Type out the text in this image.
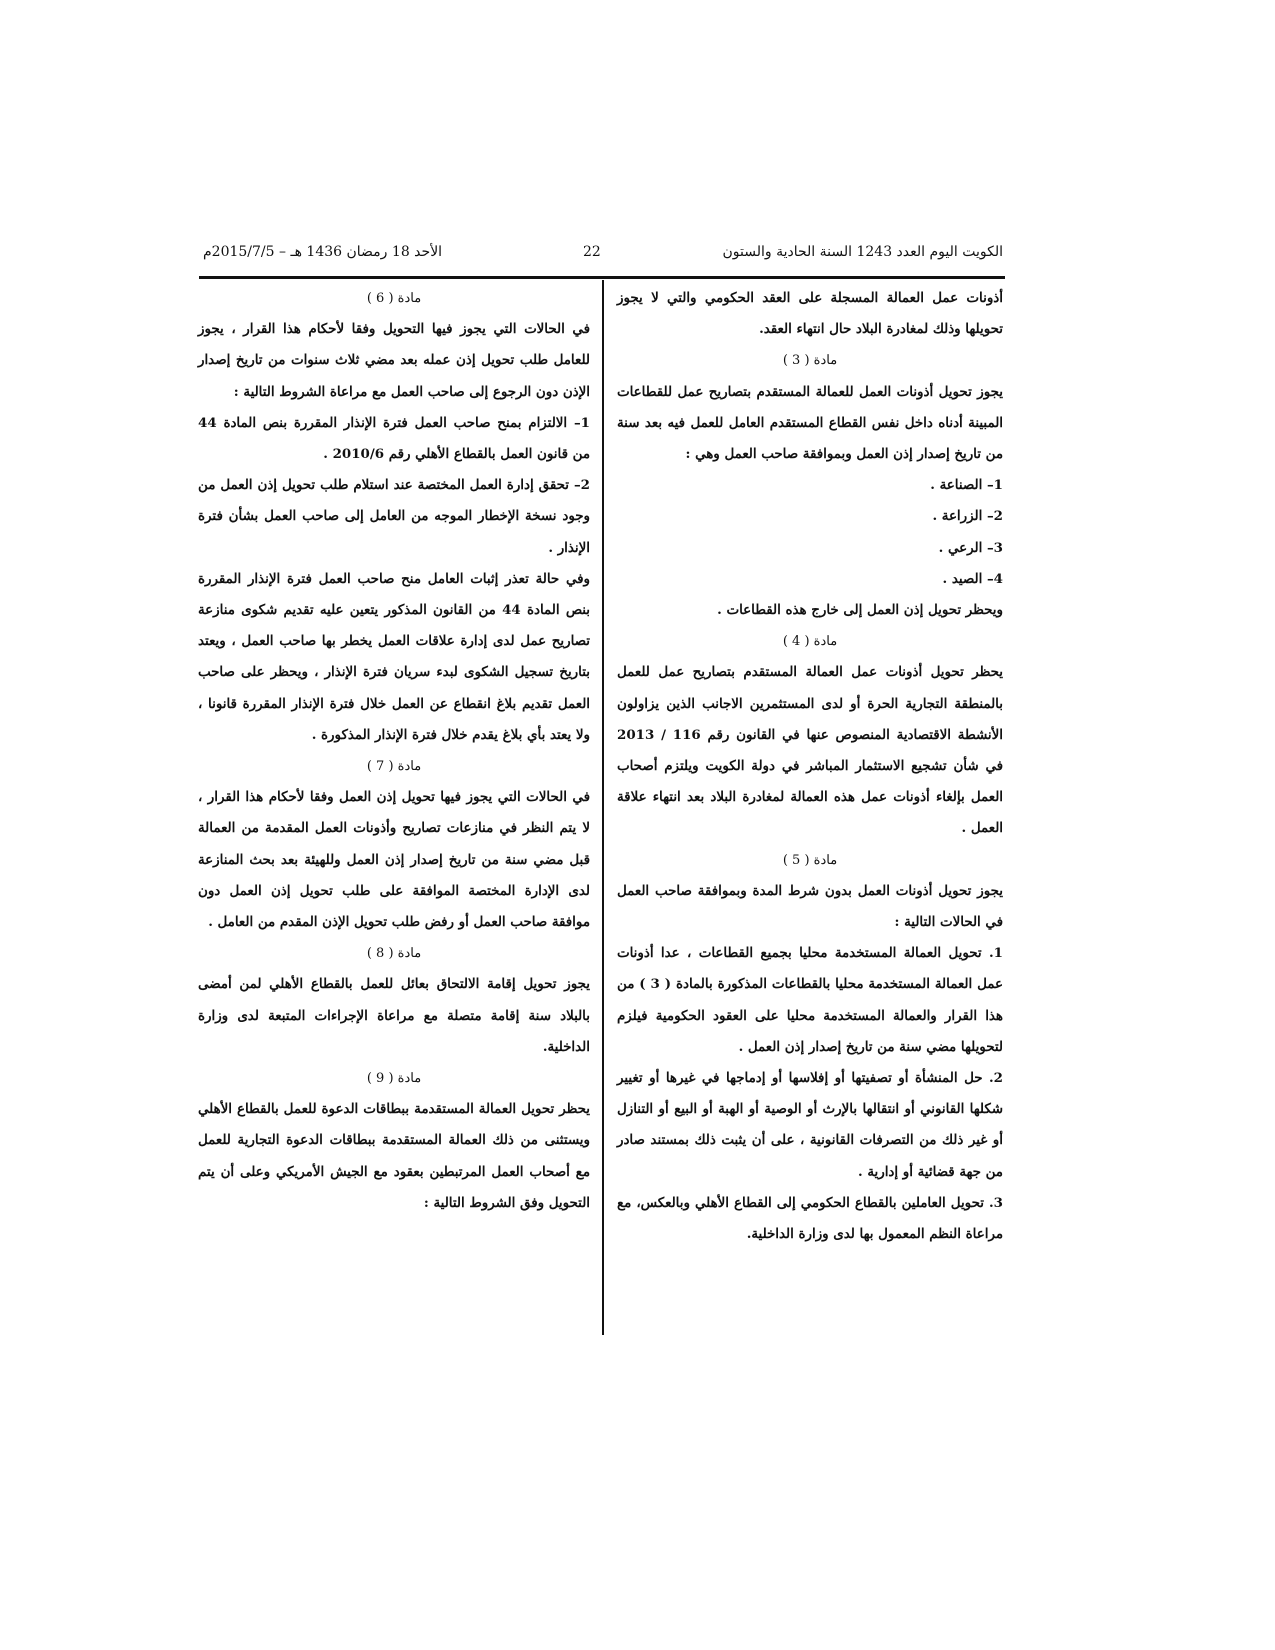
الكويت اليوم العدد 1243 السنة الحادية والستون
22
الأحد 18 رمضان 1436 هـ – 2015/7/5م

أذونات عمل العمالة المسجلة على العقد الحكومي والتي لا يجوز تحويلها وذلك لمغادرة البلاد حال انتهاء العقد.

مادة ( 3 )

يجوز تحويل أذونات العمل للعمالة المستقدم بتصاريح عمل للقطاعات المبينة أدناه داخل نفس القطاع المستقدم العامل للعمل فيه بعد سنة من تاريخ إصدار إذن العمل وبموافقة صاحب العمل وهي :

1– الصناعة .

2– الزراعة .

3– الرعي .

4– الصيد .

ويحظر تحويل إذن العمل إلى خارج هذه القطاعات .

مادة ( 4 )

يحظر تحويل أذونات عمل العمالة المستقدم بتصاريح عمل للعمل بالمنطقة التجارية الحرة أو لدى المستثمرين الاجانب الذين يزاولون الأنشطة الاقتصادية المنصوص عنها في القانون رقم 116 / 2013 في شأن تشجيع الاستثمار المباشر في دولة الكويت ويلتزم أصحاب العمل بإلغاء أذونات عمل هذه العمالة لمغادرة البلاد بعد انتهاء علاقة العمل .

مادة ( 5 )

يجوز تحويل أذونات العمل بدون شرط المدة وبموافقة صاحب العمل في الحالات التالية :

1. تحويل العمالة المستخدمة محليا بجميع القطاعات ، عدا أذونات عمل العمالة المستخدمة محليا بالقطاعات المذكورة بالمادة ( 3 ) من هذا القرار والعمالة المستخدمة محليا على العقود الحكومية فيلزم لتحويلها مضي سنة من تاريخ إصدار إذن العمل .

2. حل المنشأة أو تصفيتها أو إفلاسها أو إدماجها في غيرها أو تغيير شكلها القانوني أو انتقالها بالإرث أو الوصية أو الهبة أو البيع أو التنازل أو غير ذلك من التصرفات القانونية ، على أن يثبت ذلك بمستند صادر من جهة قضائية أو إدارية .

3. تحويل العاملين بالقطاع الحكومي إلى القطاع الأهلي وبالعكس، مع مراعاة النظم المعمول بها لدى وزارة الداخلية.

مادة ( 6 )

في الحالات التي يجوز فيها التحويل وفقا لأحكام هذا القرار ، يجوز للعامل طلب تحويل إذن عمله بعد مضي ثلاث سنوات من تاريخ إصدار الإذن دون الرجوع إلى صاحب العمل مع مراعاة الشروط التالية :

1– الالتزام بمنح صاحب العمل فترة الإنذار المقررة بنص المادة 44 من قانون العمل بالقطاع الأهلي رقم 2010/6 .

2– تحقق إدارة العمل المختصة عند استلام طلب تحويل إذن العمل من وجود نسخة الإخطار الموجه من العامل إلى صاحب العمل بشأن فترة الإنذار .

وفي حالة تعذر إثبات العامل منح صاحب العمل فترة الإنذار المقررة بنص المادة 44 من القانون المذكور يتعين عليه تقديم شكوى منازعة تصاريح عمل لدى إدارة علاقات العمل يخطر بها صاحب العمل ، ويعتد بتاريخ تسجيل الشكوى لبدء سريان فترة الإنذار ، ويحظر على صاحب العمل تقديم بلاغ انقطاع عن العمل خلال فترة الإنذار المقررة قانونا ، ولا يعتد بأي بلاغ يقدم خلال فترة الإنذار المذكورة .

مادة ( 7 )

في الحالات التي يجوز فيها تحويل إذن العمل وفقا لأحكام هذا القرار ، لا يتم النظر في منازعات تصاريح وأذونات العمل المقدمة من العمالة قبل مضي سنة من تاريخ إصدار إذن العمل وللهيئة بعد بحث المنازعة لدى الإدارة المختصة الموافقة على طلب تحويل إذن العمل دون موافقة صاحب العمل أو رفض طلب تحويل الإذن المقدم من العامل .

مادة ( 8 )

يجوز تحويل إقامة الالتحاق بعائل للعمل بالقطاع الأهلي لمن أمضى بالبلاد سنة إقامة متصلة مع مراعاة الإجراءات المتبعة لدى وزارة الداخلية.

مادة ( 9 )

يحظر تحويل العمالة المستقدمة ببطاقات الدعوة للعمل بالقطاع الأهلي ويستثنى من ذلك العمالة المستقدمة ببطاقات الدعوة التجارية للعمل مع أصحاب العمل المرتبطين بعقود مع الجيش الأمريكي وعلى أن يتم التحويل وفق الشروط التالية :
